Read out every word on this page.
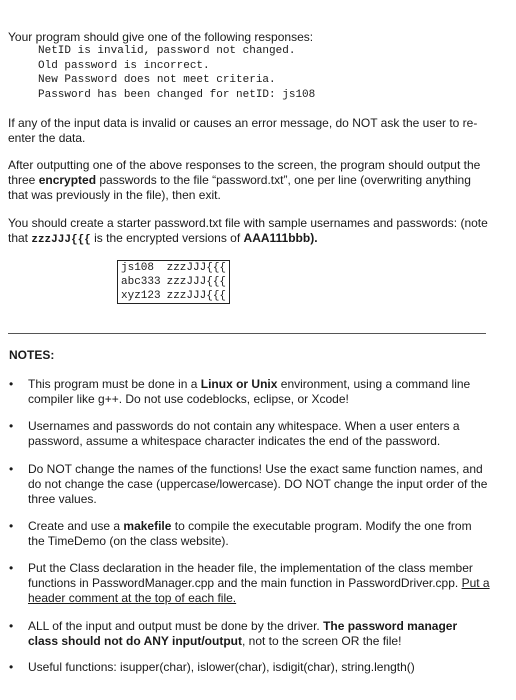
Your program should give one of the following responses:

NetID is invalid, password not changed.
Old password is incorrect.
New Password does not meet criteria.
Password has been changed for netID: js108

If any of the input data is invalid or causes an error message, do NOT ask the user to re-enter the data.

After outputting one of the above responses to the screen, the program should output the three encrypted passwords to the file “password.txt”, one per line (overwriting anything that was previously in the file), then exit.

You should create a starter password.txt file with sample usernames and passwords: (note that zzzJJJ{{{ is the encrypted versions of AAA111bbb).

js108	zzzJJJ{{{
abc333	zzzJJJ{{{
xyz123	zzzJJJ{{{
NOTES:
•

This program must be done in a Linux or Unix environment, using a command line compiler like g++. Do not use codeblocks, eclipse, or Xcode!

•

Usernames and passwords do not contain any whitespace. When a user enters a password, assume a whitespace character indicates the end of the password.

•

Do NOT change the names of the functions! Use the exact same function names, and do not change the case (uppercase/lowercase). DO NOT change the input order of the three values.

•

Create and use a makefile to compile the executable program. Modify the one from the TimeDemo (on the class website).

•

Put the Class declaration in the header file, the implementation of the class member functions in PasswordManager.cpp and the main function in PasswordDriver.cpp. Put a header comment at the top of each file.

•

ALL of the input and output must be done by the driver. The password manager class should not do ANY input/output, not to the screen OR the file!

•

Useful functions: isupper(char), islower(char), isdigit(char), string.length()
